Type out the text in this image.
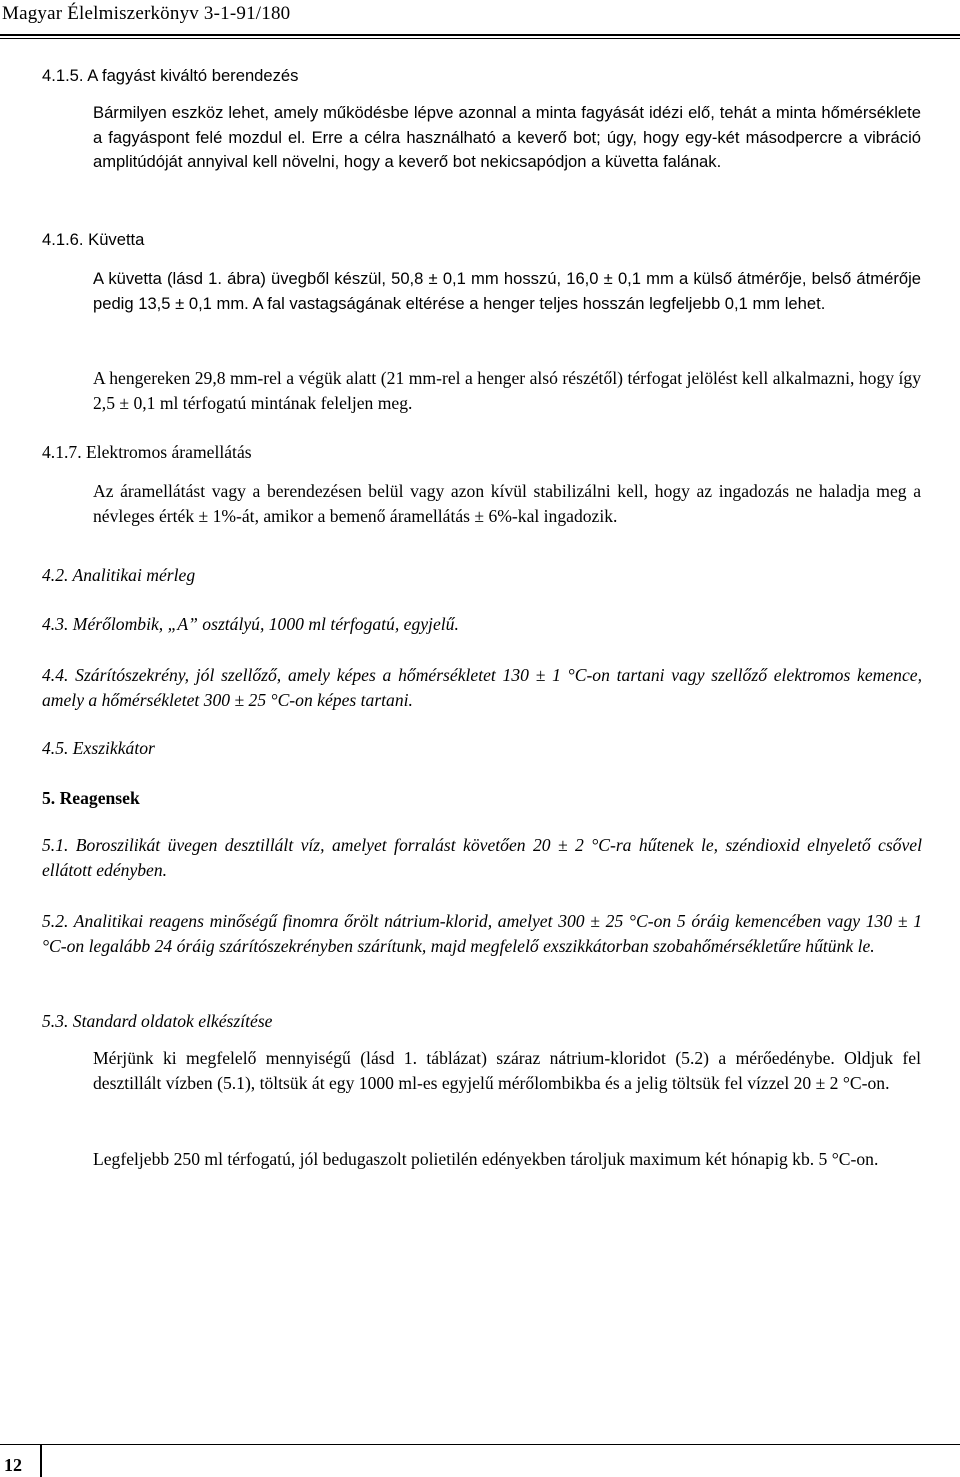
Magyar Élelmiszerkönyv 3-1-91/180
4.1.5. A fagyást kiváltó berendezés
Bármilyen eszköz lehet, amely működésbe lépve azonnal a minta fagyását idézi elő, tehát a minta hőmérséklete a fagyáspont felé mozdul el. Erre a célra használható a keverő bot; úgy, hogy egy-két másodpercre a vibráció amplitúdóját annyival kell növelni, hogy a keverő bot nekicsapódjon a küvetta falának.
4.1.6. Küvetta
A küvetta (lásd 1. ábra) üvegből készül, 50,8 ± 0,1 mm hosszú, 16,0 ± 0,1 mm a külső átmérője, belső átmérője pedig 13,5 ± 0,1 mm. A fal vastagságának eltérése a henger teljes hosszán legfeljebb 0,1 mm lehet.
A hengereken 29,8 mm-rel a végük alatt (21 mm-rel a henger alsó részétől) térfogat jelölést kell alkalmazni, hogy így 2,5 ± 0,1 ml térfogatú mintának feleljen meg.
4.1.7. Elektromos áramellátás
Az áramellátást vagy a berendezésen belül vagy azon kívül stabilizálni kell, hogy az ingadozás ne haladja meg a névleges érték ± 1%-át, amikor a bemenő áramellátás ± 6%-kal ingadozik.
4.2. Analitikai mérleg
4.3. Mérőlombik, „A” osztályú, 1000 ml térfogatú, egyjelű.
4.4. Szárítószekrény, jól szellőző, amely képes a hőmérsékletet 130 ± 1 °C-on tartani vagy szellőző elektromos kemence, amely a hőmérsékletet 300 ± 25 °C-on képes tartani.
4.5. Exszikkátor
5. Reagensek
5.1. Boroszilikát üvegen desztillált víz, amelyet forralást követően 20 ± 2 °C-ra hűtenek le, széndioxid elnyelető csővel ellátott edényben.
5.2. Analitikai reagens minőségű finomra őrölt nátrium-klorid, amelyet 300 ± 25 °C-on 5 óráig kemencében vagy 130 ± 1 °C-on legalább 24 óráig szárítószekrényben szárítunk, majd megfelelő exszikkátorban szobahőmérsékletűre hűtünk le.
5.3. Standard oldatok elkészítése
Mérjünk ki megfelelő mennyiségű (lásd 1. táblázat) száraz nátrium-kloridot (5.2) a mérőedénybe. Oldjuk fel desztillált vízben (5.1), töltsük át egy 1000 ml-es egyjelű mérőlombikba és a jelig töltsük fel vízzel 20 ± 2 °C-on.
Legfeljebb 250 ml térfogatú, jól bedugaszolt polietilén edényekben tároljuk maximum két hónapig kb. 5 °C-on.
12
